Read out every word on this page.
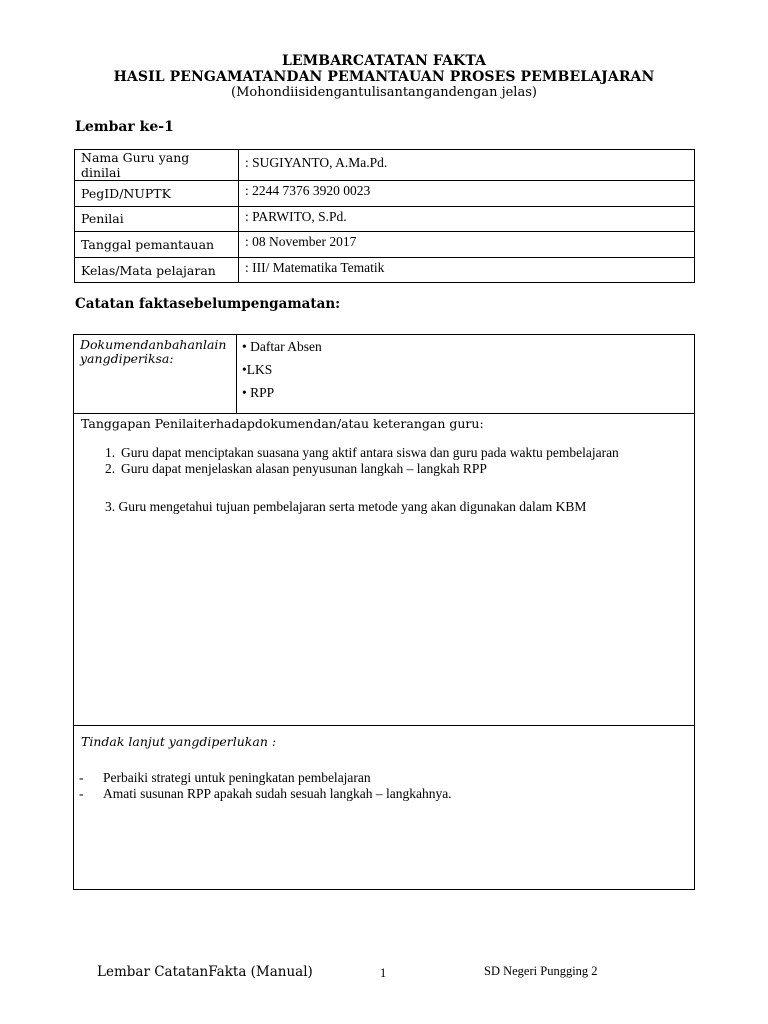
LEMBARCATATAN FAKTA
HASIL PENGAMATANDAN PEMANTAUAN PROSES PEMBELAJARAN
(Mohondiisidengantulisantangandengan jelas)
Lembar ke-1
Nama Guru yang dinilai	: SUGIYANTO, A.Ma.Pd.
PegID/NUPTK	: 2244 7376 3920 0023
Penilai	: PARWITO, S.Pd.
Tanggal pemantauan	: 08 November 2017
Kelas/Mata pelajaran	: III/ Matematika Tematik
Catatan faktasebelumpengamatan:
Dokumendanbahanlain yangdiperiksa:
• Daftar Absen
•LKS
• RPP
Tanggapan Penilaiterhadapdokumendan/atau keterangan guru:
1. Guru dapat menciptakan suasana yang aktif antara siswa dan guru pada waktu pembelajaran
2. Guru dapat menjelaskan alasan penyusunan langkah – langkah RPP
3. Guru mengetahui tujuan pembelajaran serta metode yang akan digunakan dalam KBM
Tindak lanjut yangdiperlukan :
- Perbaiki strategi untuk peningkatan pembelajaran
- Amati susunan RPP apakah sudah sesuah langkah – langkahnya.
Lembar CatatanFakta (Manual)	1	SD Negeri Pungging 2
